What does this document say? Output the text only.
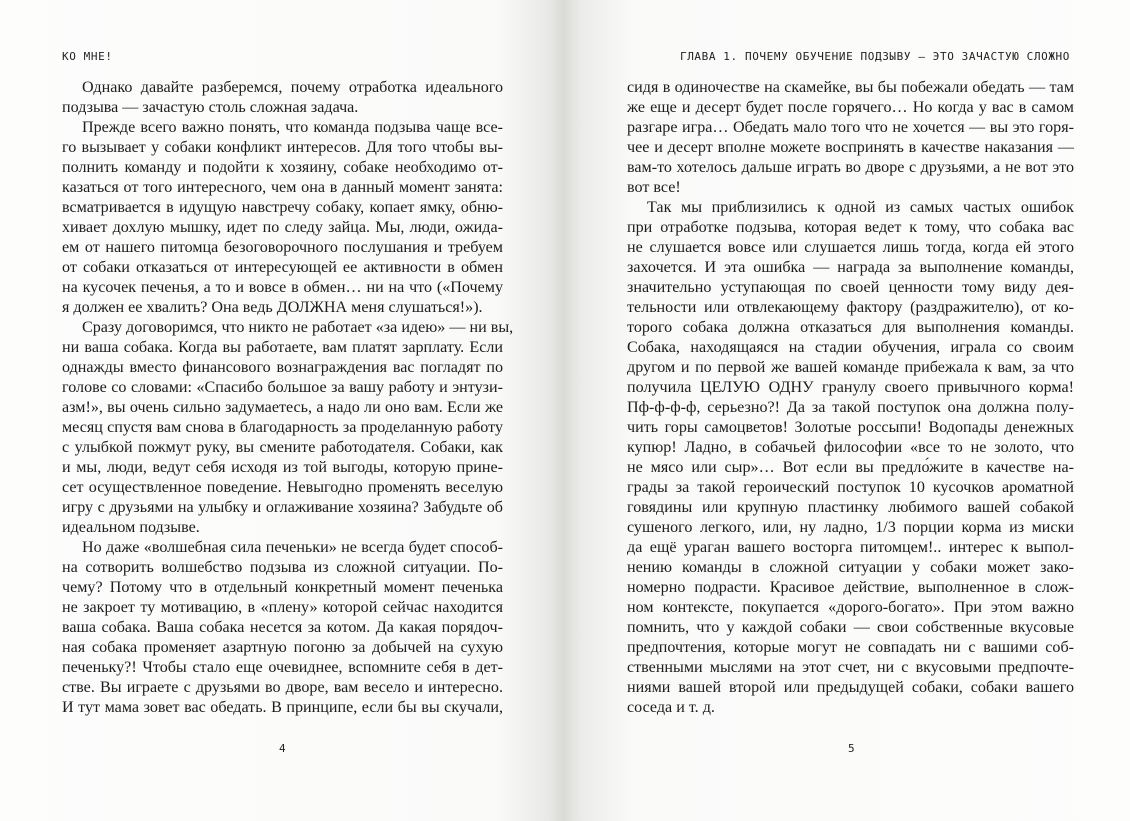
КО МНЕ!
Однако давайте разберемся, почему отработка идеального
подзыва — зачастую столь сложная задача.
Прежде всего важно понять, что команда подзыва чаще все-
го вызывает у собаки конфликт интересов. Для того чтобы вы-
полнить команду и подойти к хозяину, собаке необходимо от-
казаться от того интересного, чем она в данный момент занята:
всматривается в идущую навстречу собаку, копает ямку, обню-
хивает дохлую мышку, идет по следу зайца. Мы, люди, ожида-
ем от нашего питомца безоговорочного послушания и требуем
от собаки отказаться от интересующей ее активности в обмен
на кусочек печенья, а то и вовсе в обмен… ни на что («Почему
я должен ее хвалить? Она ведь ДОЛЖНА меня слушаться!»).
Сразу договоримся, что никто не работает «за идею» — ни вы,
ни ваша собака. Когда вы работаете, вам платят зарплату. Если
однажды вместо финансового вознаграждения вас погладят по
голове со словами: «Спасибо большое за вашу работу и энтузи-
азм!», вы очень сильно задумаетесь, а надо ли оно вам. Если же
месяц спустя вам снова в благодарность за проделанную работу
с улыбкой пожмут руку, вы смените работодателя. Собаки, как
и мы, люди, ведут себя исходя из той выгоды, которую прине-
сет осуществленное поведение. Невыгодно променять веселую
игру с друзьями на улыбку и оглаживание хозяина? Забудьте об
идеальном подзыве.
Но даже «волшебная сила печеньки» не всегда будет способ-
на сотворить волшебство подзыва из сложной ситуации. По-
чему? Потому что в отдельный конкретный момент печенька
не закроет ту мотивацию, в «плену» которой сейчас находится
ваша собака. Ваша собака несется за котом. Да какая порядоч-
ная собака променяет азартную погоню за добычей на сухую
печеньку?! Чтобы стало еще очевиднее, вспомните себя в дет-
стве. Вы играете с друзьями во дворе, вам весело и интересно.
И тут мама зовет вас обедать. В принципе, если бы вы скучали,
4
ГЛАВА 1. ПОЧЕМУ ОБУЧЕНИЕ ПОДЗЫВУ — ЭТО ЗАЧАСТУЮ СЛОЖНО
сидя в одиночестве на скамейке, вы бы побежали обедать — там
же еще и десерт будет после горячего… Но когда у вас в самом
разгаре игра… Обедать мало того что не хочется — вы это горя-
чее и десерт вполне можете воспринять в качестве наказания —
вам-то хотелось дальше играть во дворе с друзьями, а не вот это
вот все!
Так мы приблизились к одной из самых частых ошибок
при отработке подзыва, которая ведет к тому, что собака вас
не слушается вовсе или слушается лишь тогда, когда ей этого
захочется. И эта ошибка — награда за выполнение команды,
значительно уступающая по своей ценности тому виду дея-
тельности или отвлекающему фактору (раздражителю), от ко-
торого собака должна отказаться для выполнения команды.
Собака, находящаяся на стадии обучения, играла со своим
другом и по первой же вашей команде прибежала к вам, за что
получила ЦЕЛУЮ ОДНУ гранулу своего привычного корма!
Пф-ф-ф-ф, серьезно?! Да за такой поступок она должна полу-
чить горы самоцветов! Золотые россыпи! Водопады денежных
купюр! Ладно, в собачьей философии «все то не золото, что
не мясо или сыр»… Вот если вы предло́жите в качестве на-
грады за такой героический поступок 10 кусочков ароматной
говядины или крупную пластинку любимого вашей собакой
сушеного легкого, или, ну ладно, 1/3 порции корма из миски
да ещё ураган вашего восторга питомцем!.. интерес к выпол-
нению команды в сложной ситуации у собаки может зако-
номерно подрасти. Красивое действие, выполненное в слож-
ном контексте, покупается «дорого-богато». При этом важно
помнить, что у каждой собаки — свои собственные вкусовые
предпочтения, которые могут не совпадать ни с вашими соб-
ственными мыслями на этот счет, ни с вкусовыми предпочте-
ниями вашей второй или предыдущей собаки, собаки вашего
соседа и т. д.
5
